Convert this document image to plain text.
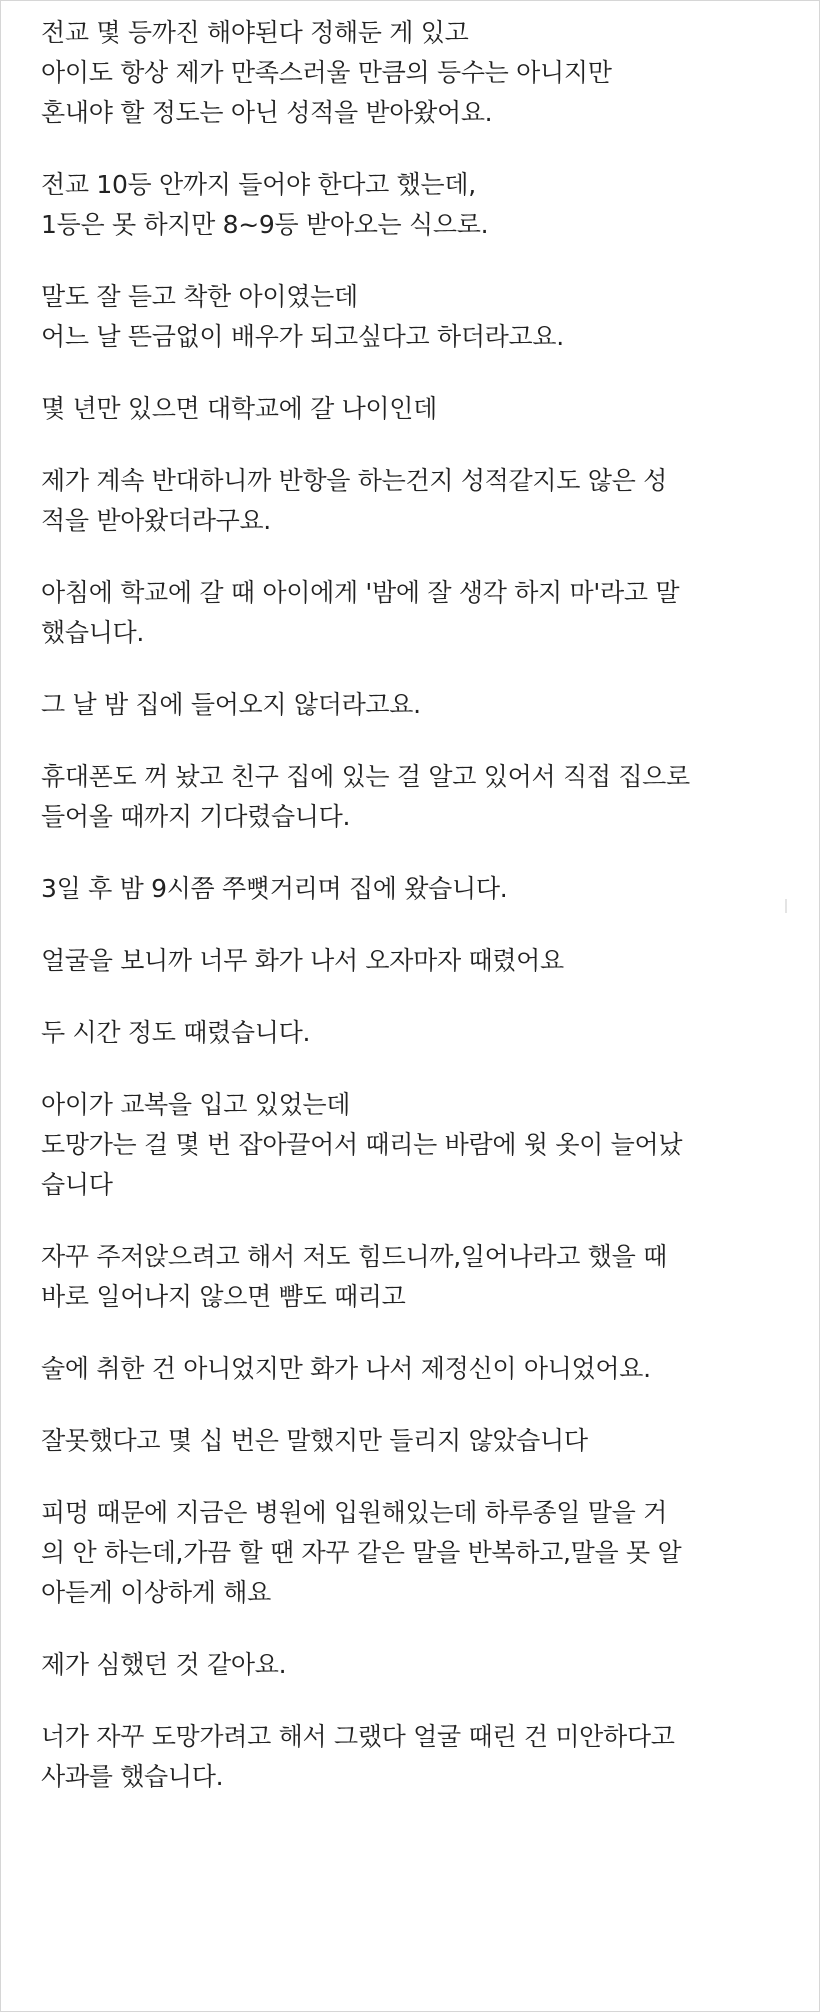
전교 몇 등까진 해야된다 정해둔 게 있고
아이도 항상 제가 만족스러울 만큼의 등수는 아니지만
혼내야 할 정도는 아닌 성적을 받아왔어요.
전교 10등 안까지 들어야 한다고 했는데,
1등은 못 하지만 8~9등 받아오는 식으로.
말도 잘 듣고 착한 아이였는데
어느 날 뜬금없이 배우가 되고싶다고 하더라고요.
몇 년만 있으면 대학교에 갈 나이인데
제가 계속 반대하니까 반항을 하는건지 성적같지도 않은 성
적을 받아왔더라구요.
아침에 학교에 갈 때 아이에게 '밤에 잘 생각 하지 마'라고 말
했습니다.
그 날 밤 집에 들어오지 않더라고요.
휴대폰도 꺼 놨고 친구 집에 있는 걸 알고 있어서 직접 집으로
들어올 때까지 기다렸습니다.
3일 후 밤 9시쯤 쭈뼛거리며 집에 왔습니다.
얼굴을 보니까 너무 화가 나서 오자마자 때렸어요
두 시간 정도 때렸습니다.
아이가 교복을 입고 있었는데
도망가는 걸 몇 번 잡아끌어서 때리는 바람에 윗 옷이 늘어났
습니다
자꾸 주저앉으려고 해서 저도 힘드니까,일어나라고 했을 때
바로 일어나지 않으면 뺨도 때리고
술에 취한 건 아니었지만 화가 나서 제정신이 아니었어요.
잘못했다고 몇 십 번은 말했지만 들리지 않았습니다
피멍 때문에 지금은 병원에 입원해있는데 하루종일 말을 거
의 안 하는데,가끔 할 땐 자꾸 같은 말을 반복하고,말을 못 알
아듣게 이상하게 해요
제가 심했던 것 같아요.
너가 자꾸 도망가려고 해서 그랬다 얼굴 때린 건 미안하다고
사과를 했습니다.
